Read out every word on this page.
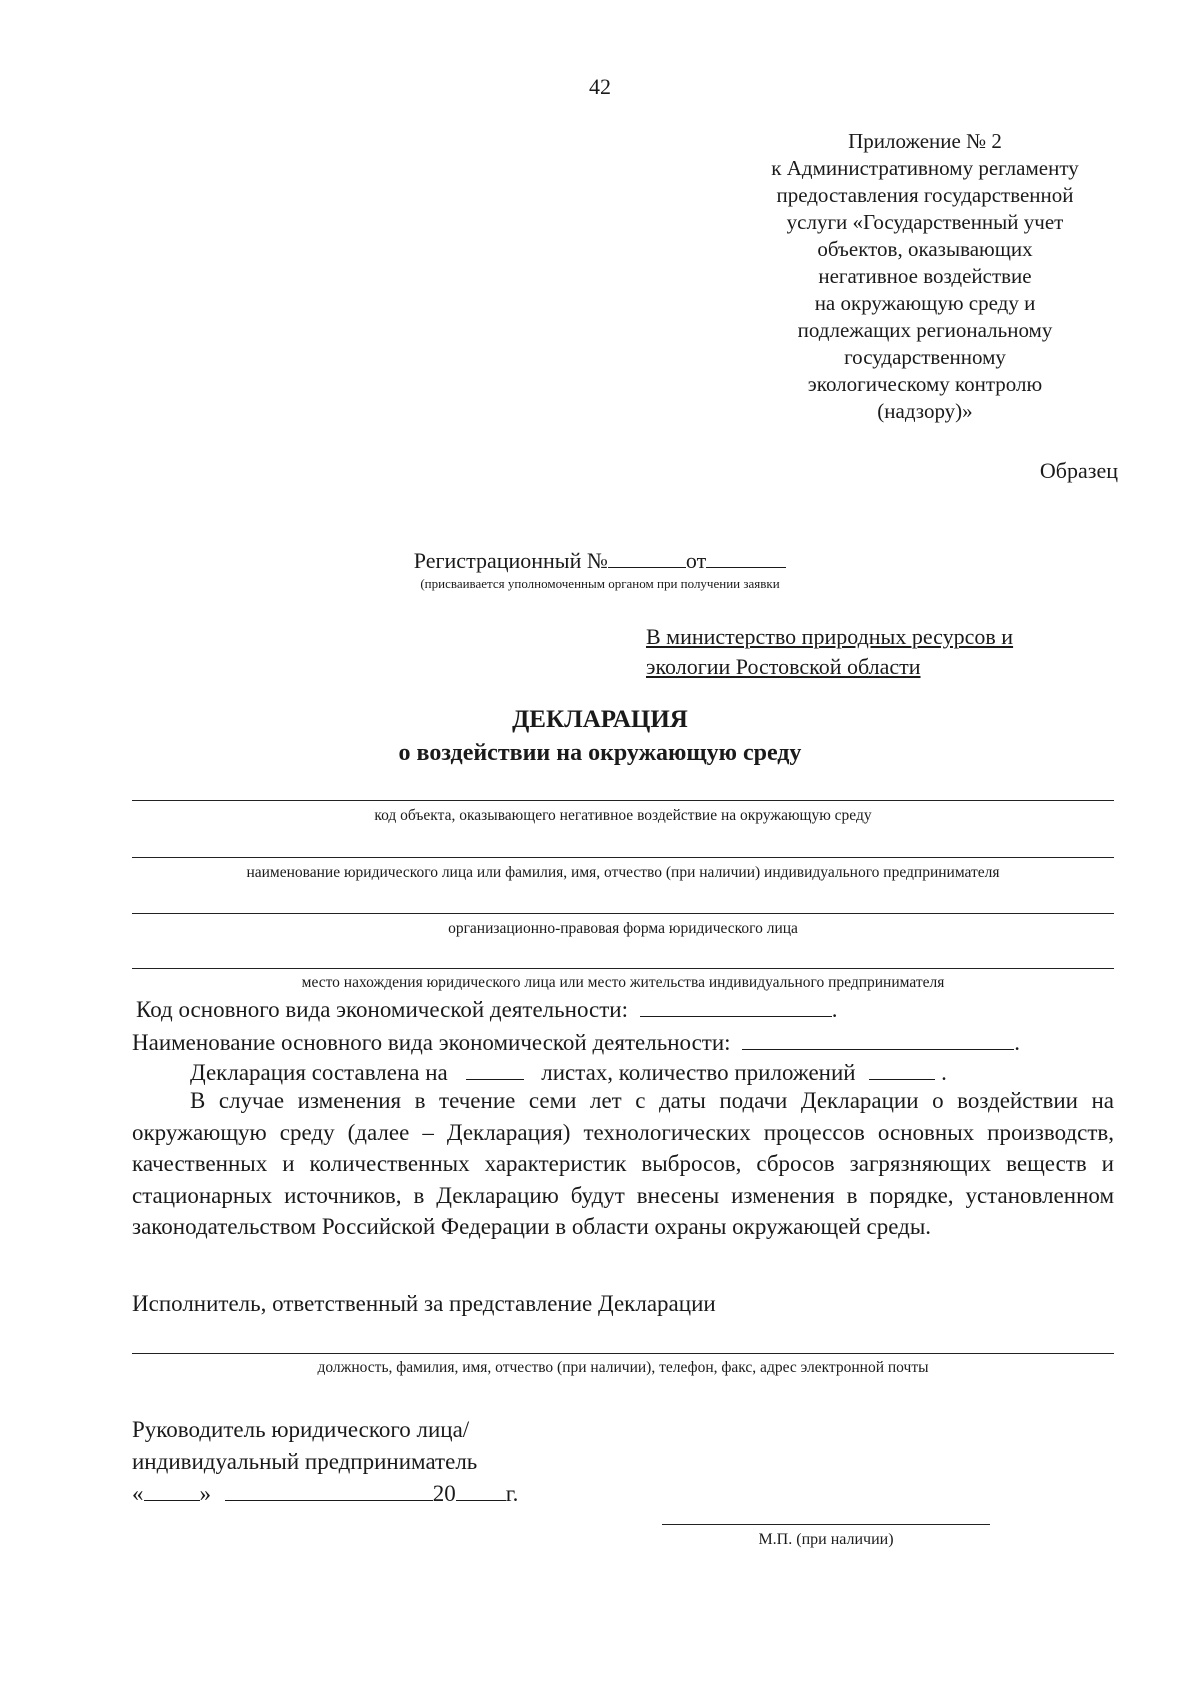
42
Приложение № 2
к Административному регламенту
предоставления государственной
услуги «Государственный учет
объектов, оказывающих
негативное воздействие
на окружающую среду и
подлежащих региональному
государственному
экологическому контролю
(надзору)»
Образец
Регистрационный №	от
(присваивается уполномоченным органом при получении заявки
В министерство природных ресурсов и
экологии Ростовской области
ДЕКЛАРАЦИЯ
о воздействии на окружающую среду
код объекта, оказывающего негативное воздействие на окружающую среду
наименование юридического лица или фамилия, имя, отчество (при наличии) индивидуального предпринимателя
организационно-правовая форма юридического лица
место нахождения юридического лица или место жительства индивидуального предпринимателя
Код основного вида экономической деятельности:	.
Наименование основного вида экономической деятельности:	.
Декларация составлена на	листах, количество приложений	.
В случае изменения в течение семи лет с даты подачи Декларации о воздействии на окружающую среду (далее – Декларация) технологических процессов основных производств, качественных и количественных характеристик выбросов, сбросов загрязняющих веществ и стационарных источников, в Декларацию будут внесены изменения в порядке, установленном законодательством Российской Федерации в области охраны окружающей среды.
Исполнитель, ответственный за представление Декларации
должность, фамилия, имя, отчество (при наличии), телефон, факс, адрес электронной почты
Руководитель юридического лица/
индивидуальный предприниматель
« »	20 г.
М.П. (при наличии)
